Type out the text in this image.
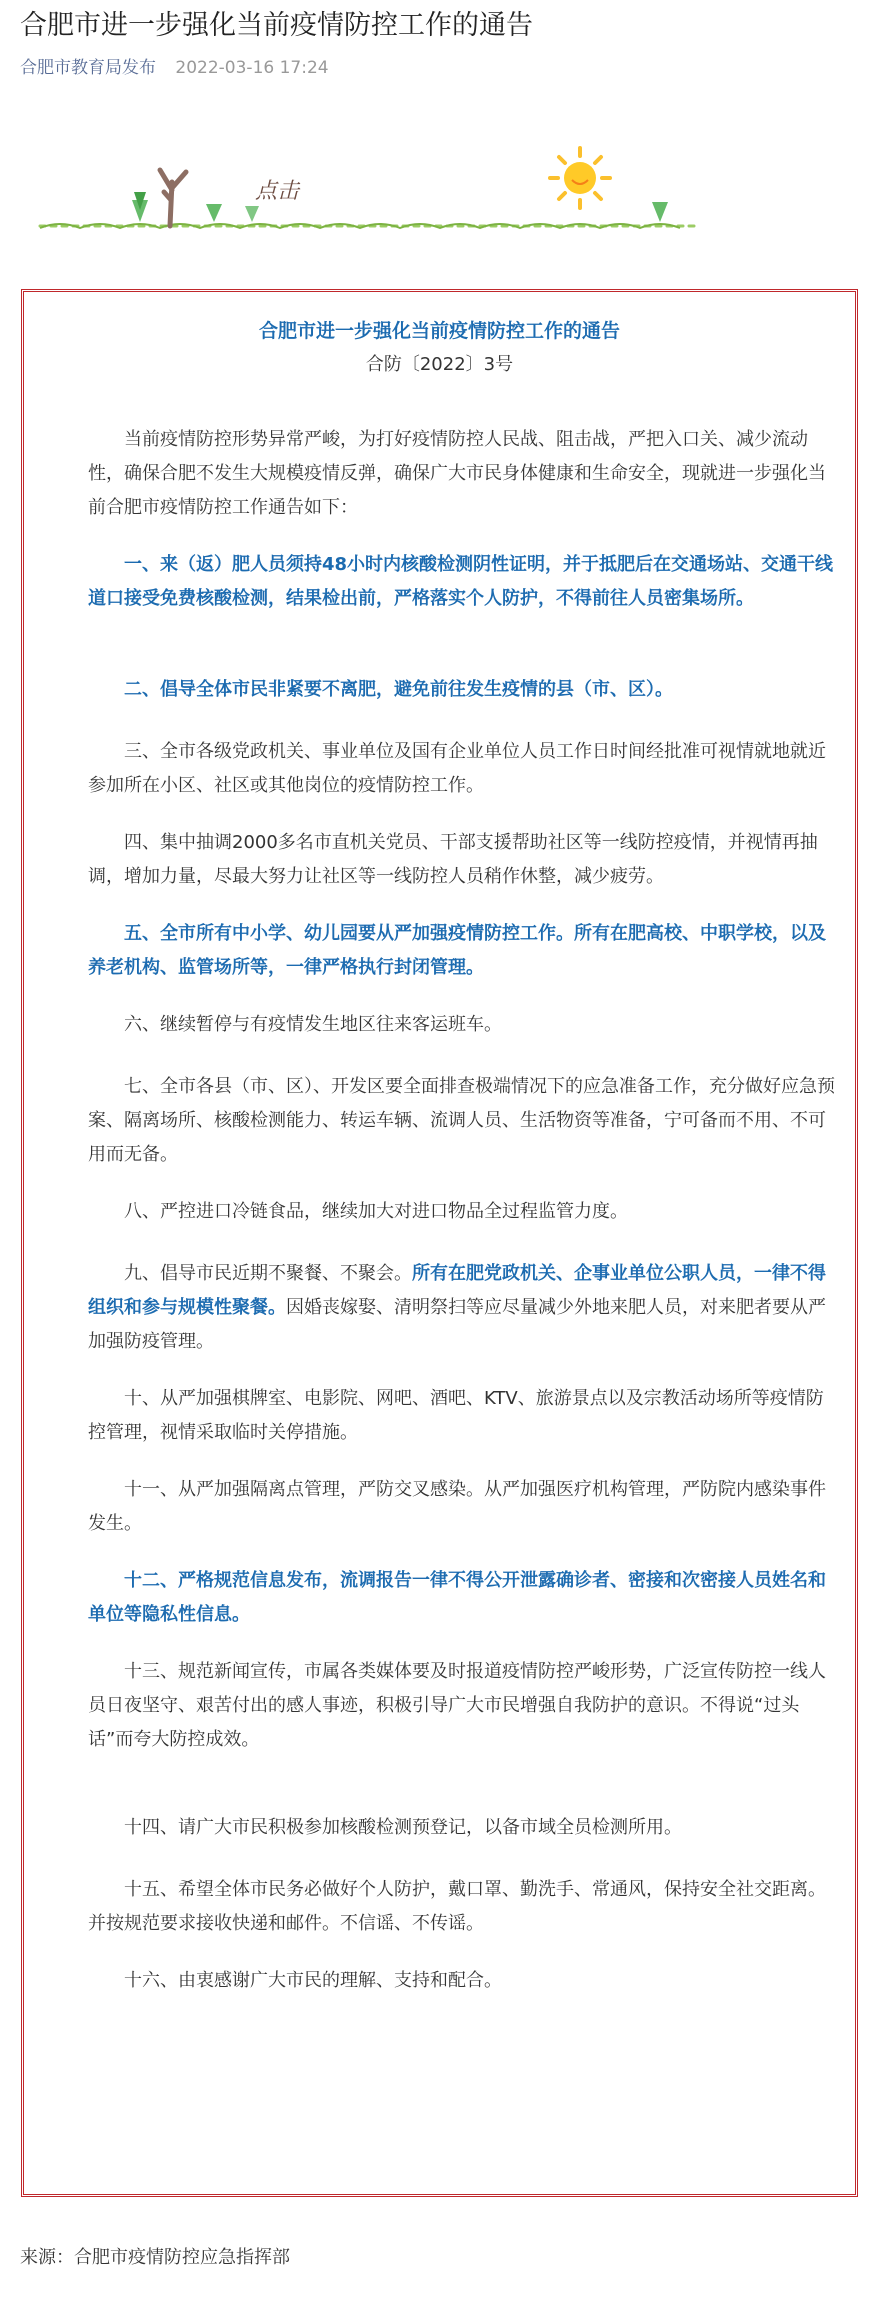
合肥市进一步强化当前疫情防控工作的通告
合肥市教育局发布 2022-03-16 17:24
点击
合肥市进一步强化当前疫情防控工作的通告
合防〔2022〕3号

当前疫情防控形势异常严峻，为打好疫情防控人民战、阻击战，严把入口关、减少流动性，确保合肥不发生大规模疫情反弹，确保广大市民身体健康和生命安全，现就进一步强化当前合肥市疫情防控工作通告如下：

一、来（返）肥人员须持48小时内核酸检测阴性证明，并于抵肥后在交通场站、交通干线道口接受免费核酸检测，结果检出前，严格落实个人防护，不得前往人员密集场所。

二、倡导全体市民非紧要不离肥，避免前往发生疫情的县（市、区）。

三、全市各级党政机关、事业单位及国有企业单位人员工作日时间经批准可视情就地就近参加所在小区、社区或其他岗位的疫情防控工作。

四、集中抽调2000多名市直机关党员、干部支援帮助社区等一线防控疫情，并视情再抽调，增加力量，尽最大努力让社区等一线防控人员稍作休整，减少疲劳。

五、全市所有中小学、幼儿园要从严加强疫情防控工作。所有在肥高校、中职学校，以及养老机构、监管场所等，一律严格执行封闭管理。

六、继续暂停与有疫情发生地区往来客运班车。

七、全市各县（市、区）、开发区要全面排查极端情况下的应急准备工作，充分做好应急预案、隔离场所、核酸检测能力、转运车辆、流调人员、生活物资等准备，宁可备而不用、不可用而无备。

八、严控进口冷链食品，继续加大对进口物品全过程监管力度。

九、倡导市民近期不聚餐、不聚会。所有在肥党政机关、企事业单位公职人员，一律不得组织和参与规模性聚餐。因婚丧嫁娶、清明祭扫等应尽量减少外地来肥人员，对来肥者要从严加强防疫管理。

十、从严加强棋牌室、电影院、网吧、酒吧、KTV、旅游景点以及宗教活动场所等疫情防控管理，视情采取临时关停措施。

十一、从严加强隔离点管理，严防交叉感染。从严加强医疗机构管理，严防院内感染事件发生。

十二、严格规范信息发布，流调报告一律不得公开泄露确诊者、密接和次密接人员姓名和单位等隐私性信息。

十三、规范新闻宣传，市属各类媒体要及时报道疫情防控严峻形势，广泛宣传防控一线人员日夜坚守、艰苦付出的感人事迹，积极引导广大市民增强自我防护的意识。不得说“过头话”而夸大防控成效。

十四、请广大市民积极参加核酸检测预登记，以备市域全员检测所用。

十五、希望全体市民务必做好个人防护，戴口罩、勤洗手、常通风，保持安全社交距离。并按规范要求接收快递和邮件。不信谣、不传谣。

十六、由衷感谢广大市民的理解、支持和配合。

来源：合肥市疫情防控应急指挥部
